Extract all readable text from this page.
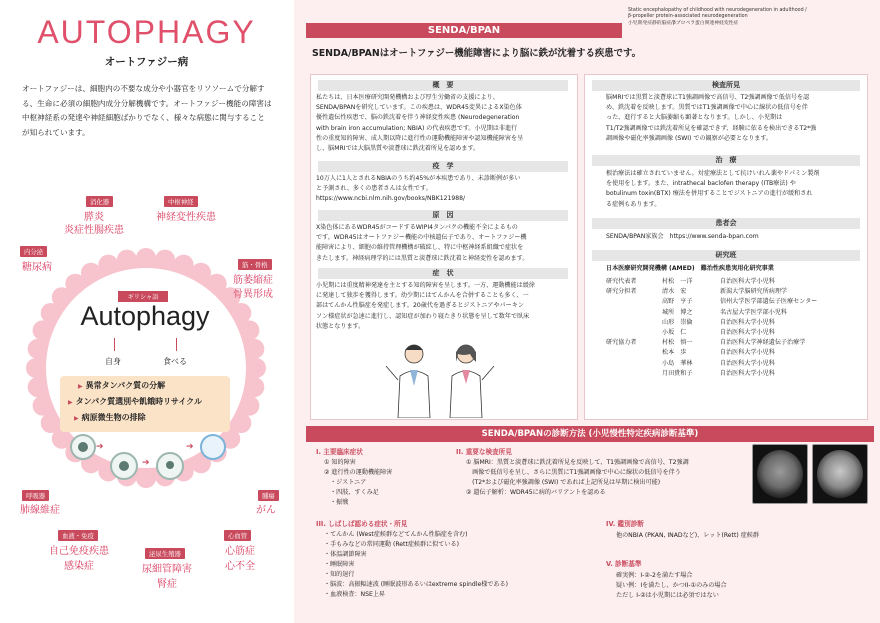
AUTOPHAGY
オートファジー病
オートファジーは、細胞内の不要な成分や小器官をリソソームで分解する、生命に必須の細胞内成分分解機構です。オートファジー機能の障害は中枢神経系の発達や神経細胞ばかりでなく、様々な病態に関与することが知られています。
消化器
膵炎
炎症性腸疾患
中枢神経
神経変性疾患
内分泌
糖尿病	筋・骨格
筋萎縮症
骨異形成
呼吸器
肺線維症
腫瘍
がん
血液・免疫
自己免疫疾患
感染症
泌尿生殖器
尿細管障害
腎症
心血管
心筋症
心不全
ギリシャ語
Autophagy
自身	食べる
▶ 異常タンパク質の分解
▶ タンパク質選別や飢餓時リサイクル
▶ 病原微生物の排除
➔
➔
➔
SENDA/BPAN
Static encephalopathy of childhood with neurodegeneration in adulthood /
β-propeller protein-associated neurodegeneration
小児期発症静的脳症/βプロペラ蛋白関連神経変性症
SENDA/BPANはオートファジー機能障害により脳に鉄が沈着する疾患です。
概　要
私たちは、日本医療研究開発機構および厚生労働省の支援により、
SENDA/BPANを研究しています。この疾患は、WDR45変異によるX染色体
優性遺伝性疾患で、脳の鉄沈着を伴う神経変性疾患 (Neurodegeneration
with brain iron accumulation; NBIA) の代表疾患です。小児期は非進行
性の重度知的障害、成人期以降に進行性の運動機能障害や認知機能障害を呈
し、脳MRIでは大脳黒質や淡蒼球に鉄沈着所見を認めます。
疫　学
10万人に1人とされるNBIAのうち約45%が本疾患であり、未診断例が多い
と予測され、多くの患者さんは女性です。
https://www.ncbi.nlm.nih.gov/books/NBK121988/
原　因
X染色体にあるWDR45がコードするWIPI4タンパクの機能不全によるもの
です。WDR45はオートファジー機能の中核遺伝子であり、オートファジー機
能障害により、細胞の維持管理機構が破綻し、特に中枢神経系組織で症状を
きたします。神経病理学的には黒質と淡蒼球に鉄沈着と神経変性を認めます。
症　状
小児期には重度精神発達を主とする知的障害を呈します。一方、運動機能は緩徐
に発達して独歩を獲得します。幼少期にはてんかんを合併することも多く、一
部はてんかん性脳症を発症します。20歳代を過ぎるとジストニアやパーキン
ソン様症状が急速に進行し、認知症が加わり寝たきり状態を呈して数年で臥床
状態となります。
検査所見
脳MRIでは黒質と淡蒼球にT1強調画像で高信号、T2強調画像で低信号を認
め、鉄沈着を反映します。黒質ではT1強調画像で中心に線状の低信号を伴
った、進行すると大脳萎縮も顕著となります。しかし、小児期は
T1/T2強調画像では鉄沈着所見を確認できず、経験に依るを検出できるT2*強
調画像や磁化率強調画像 (SWI) での観察が必要となります。
治　療
根治療法は確立されていません。対症療法として抗けいれん薬やドパミン製剤
を使用をします。また、intrathecal baclofen therapy (ITB療法) や
botulinum toxin(BTX) 療法を併用することでジストニアの進行が緩和され
る症例もあります。
患者会
SENDA/BPAN家族会　https://www.senda-bpan.com
研究班
日本医療研究開発機構 (AMED)　難治性疾患実用化研究事業
研究代表者	村松　一洋	自治医科大学小児科
研究分担者	清水　宏	新潟大学脳研究所病理学
高野　亨子	信州大学医学部遺伝子医療センター
城所　博之	名古屋大学医学部小児科
山形　崇倫	自治医科大学小児科
小坂　仁	自治医科大学小児科
研究協力者	村松　慎一	自治医科大学神経遺伝子治療学
松本　歩	自治医科大学小児科
小島　華林	自治医科大学小児科
月田貴和子	自治医科大学小児科
SENDA/BPANの診断方法 (小児慢性特定疾病診断基準)
I. 主要臨床症状
① 知的障害
② 進行性の運動機能障害
　・ジストニア
　・四肢、すくみ足
　・振戦
II. 重要な検査所見
① 脳MRI：黒質と淡蒼球に鉄沈着所見を反映して、T1強調画像で高信号、T2強調
　画像で低信号を呈し、さらに黒質にT1強調画像で中心に線状の低信号を伴う
　(T2*および磁化率強調像 (SWI) であれば上記所見は早期に検出可能)
② 遺伝子解析：WDR45に病的バリアントを認める
III. しばしば認める症状・所見
・てんかん (West症候群などてんかん性脳症を含む)
・手もみなどの常同運動 (Rett症候群に似ている)
・体温調節障害
・睡眠障害
・知的退行
・脳波：高振幅速波 (睡眠波形あるいはextreme spindle様である)
・血液検査：NSE上昇
IV. 鑑別診断
他のNBIA (PKAN, INADなど)、レット(Rett) 症候群
V. 診断基準
確実例：I-②-2を満たす場合
疑い例：Iを満たし、かつII-①のみの場合
ただし I-②は小児期には必須ではない
